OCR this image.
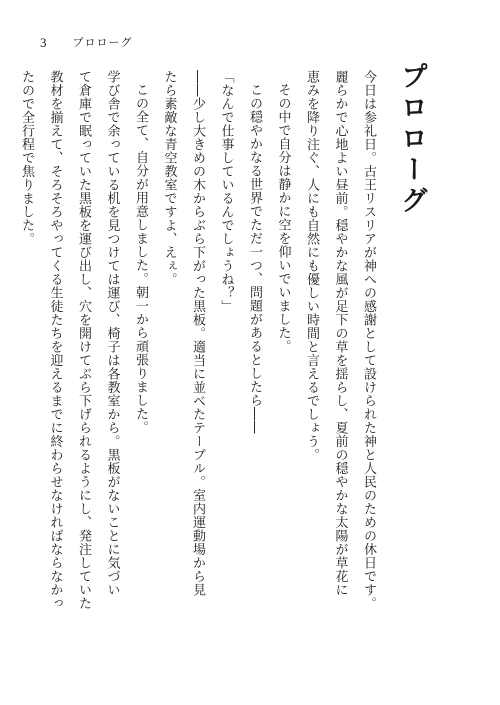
3 プロローグ
プロローグ

今日は参礼日。古王リスリアが神への感謝として設けられた神と人民のための休日です。

麗らかで心地よい昼前。穏やかな風が足下の草を揺らし、夏前の穏やかな太陽が草花に

恵みを降り注ぐ、人にも自然にも優しい時間と言えるでしょう。

その中で自分は静かに空を仰いでいました。

この穏やかなる世界でただ一つ、問題があるとしたら――

「なんで仕事しているんでしょうね？」

――少し大きめの木からぶら下がった黒板。適当に並べたテーブル。室内運動場から見

たら素敵な青空教室ですよ、えぇ。

この全て、自分が用意しました。朝一から頑張りました。

学び舎で余っている机を見つけては運び、椅子は各教室から。黒板がないことに気づい

て倉庫で眠っていた黒板を運び出し、穴を開けてぶら下げられるようにし、発注していた

教材を揃えて、そろそろやってくる生徒たちを迎えるまでに終わらせなければならなかっ

たので全行程で焦りました。
